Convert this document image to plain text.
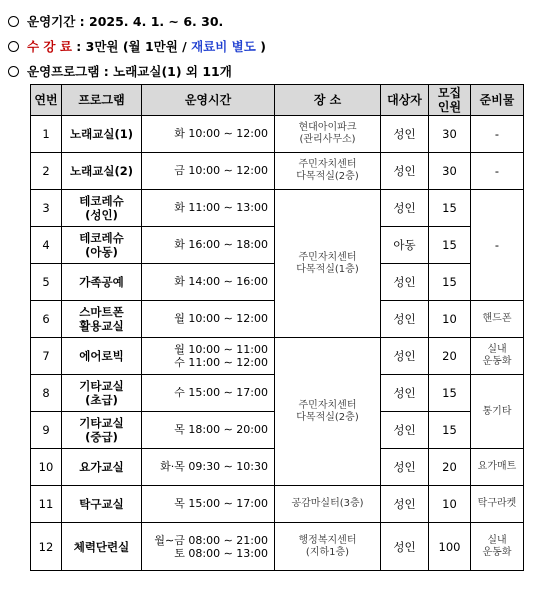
운영기간 : 2025. 4. 1. ∼ 6. 30.
수 강 료 : 3만원 (월 1만원 / 재료비 별도 )
운영프로그램 : 노래교실(1) 외 11개
연번	프로그램	운영시간	장 소	대상자	모집
인원	준비물
1	노래교실(1)	화 10:00 ∼ 12:00	현대아이파크
(관리사무소)	성인	30	-
2	노래교실(2)	금 10:00 ∼ 12:00	주민자치센터
다목적실(2층)	성인	30	-
3	테코레슈
(성인)	화 11:00 ∼ 13:00	주민자치센터
다목적실(1층)	성인	15	-
4	테코레슈
(아동)	화 16:00 ∼ 18:00		아동	15	
5	가족공예	화 14:00 ∼ 16:00		성인	15	
6	스마트폰
활용교실	월 10:00 ∼ 12:00		성인	10	핸드폰
7	에어로빅	월 10:00 ∼ 11:00
수 11:00 ∼ 12:00	주민자치센터
다목적실(2층)	성인	20	실내
운동화
8	기타교실
(초급)	수 15:00 ∼ 17:00		성인	15	통기타
9	기타교실
(중급)	목 18:00 ∼ 20:00		성인	15	
10	요가교실	화·목 09:30 ∼ 10:30		성인	20	요가매트
11	탁구교실	목 15:00 ∼ 17:00	공감마실터(3층)	성인	10	탁구라켓
12	체력단련실	월∼금 08:00 ∼ 21:00
토 08:00 ∼ 13:00	행정복지센터
(지하1층)	성인	100	실내
운동화
